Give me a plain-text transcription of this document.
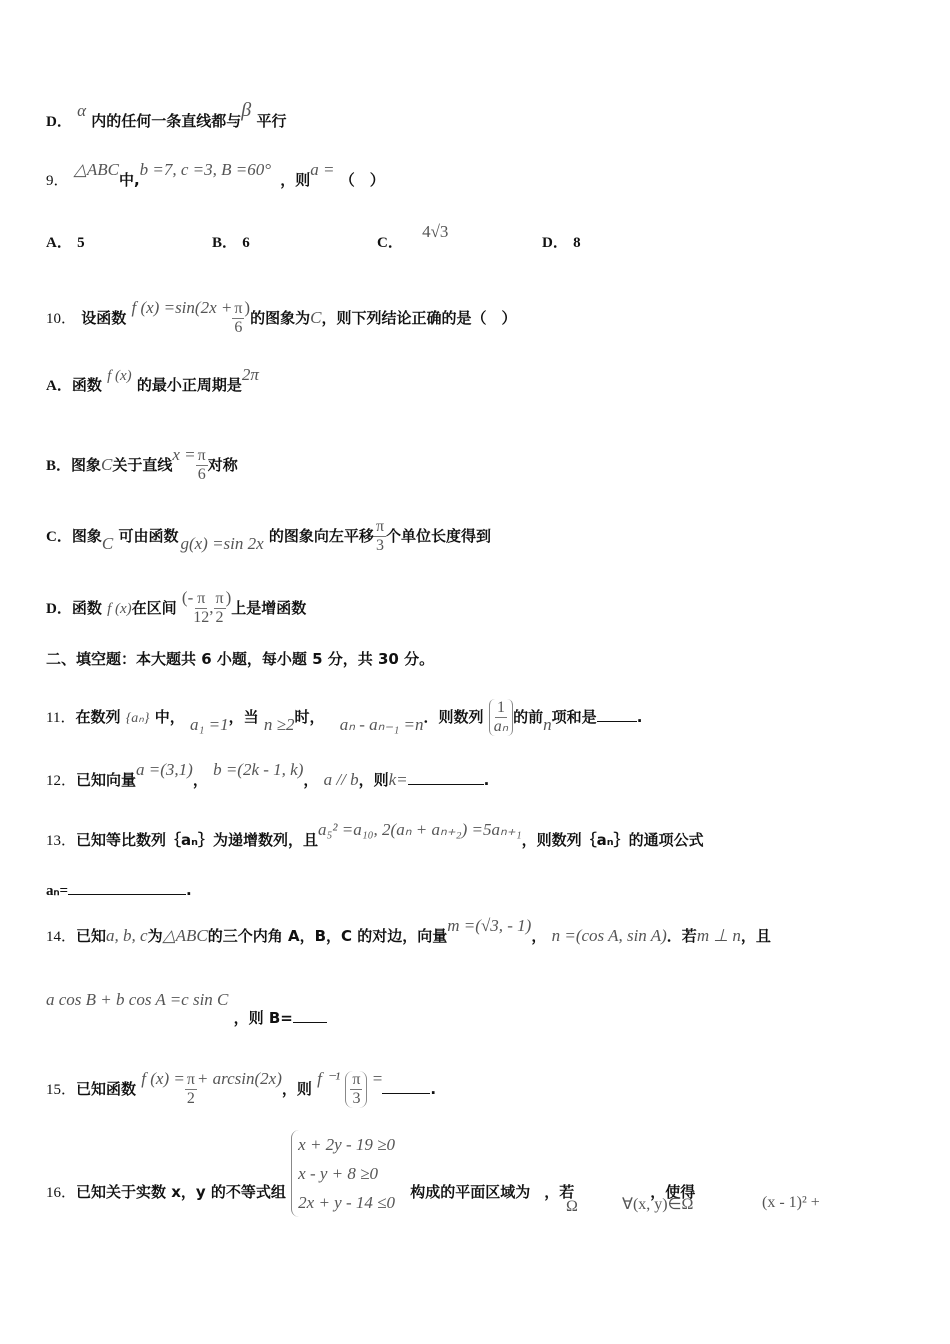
D． α 内的任何一条直线都与β 平行
9． △ABC中,b =7, c =3, B =60° ，则a = （　）
A． 5	B． 6	C． 4√3
D． 8
10． 设函数 f $(x) =\sin(2x + \frac{\pi}{6}$ )的图象为C，则下列结论正确的是（　）
A．函数 f (x) 的最小正周期是2π
B．图象C关于直线$x = \frac{\pi}{6}$ 对称
C．图象C 可由函数 g(x) =sin 2x 的图象向左平移 $\frac{\pi}{3}$ 个单位长度得到
D．函数 f (x)在区间 (- $\frac{\pi}{12}$ , $\frac{\pi}{2}$ )上是增函数
二、填空题：本大题共 6 小题，每小题 5 分，共 30 分。
11．在数列 {aₙ} 中， a₁ =1，当 n ≥2时， aₙ - aₙ₋₁ =n．则数列 $\frac{1}{\text{aₙ}}$ 的前n项和是	.
12．已知向量a =(3,1)， b =(2k - 1, k)， a // b，则k=	.
13．已知等比数列｛aₙ｝为递增数列，且a₅² =a₁₀, 2(aₙ + aₙ₊₂) =5aₙ₊₁，则数列｛aₙ｝的通项公式
aₙ=	.
14．已知a, b, c为△ABC的三个内角 A，B，C 的对边，向量m =(√3, - 1)， n =(cos A, sin A)．若m ⊥ n，且
a cos B + b cos A =c sin C ，则 B=
15．已知函数 f $(x) = \frac{\pi}{2} + \arcsin(2x)$，则 f $^{-1} \frac{\pi}{3}$ =.
16．已知关于实数 x，y 的不等式组
x + 2y - 19 ≥0
x - y + 8 ≥0
2x + y - 14 ≤0
构成的平面区域为 ，若	，使得
Ω	∀(x, y)∈Ω	(x - 1)² +
